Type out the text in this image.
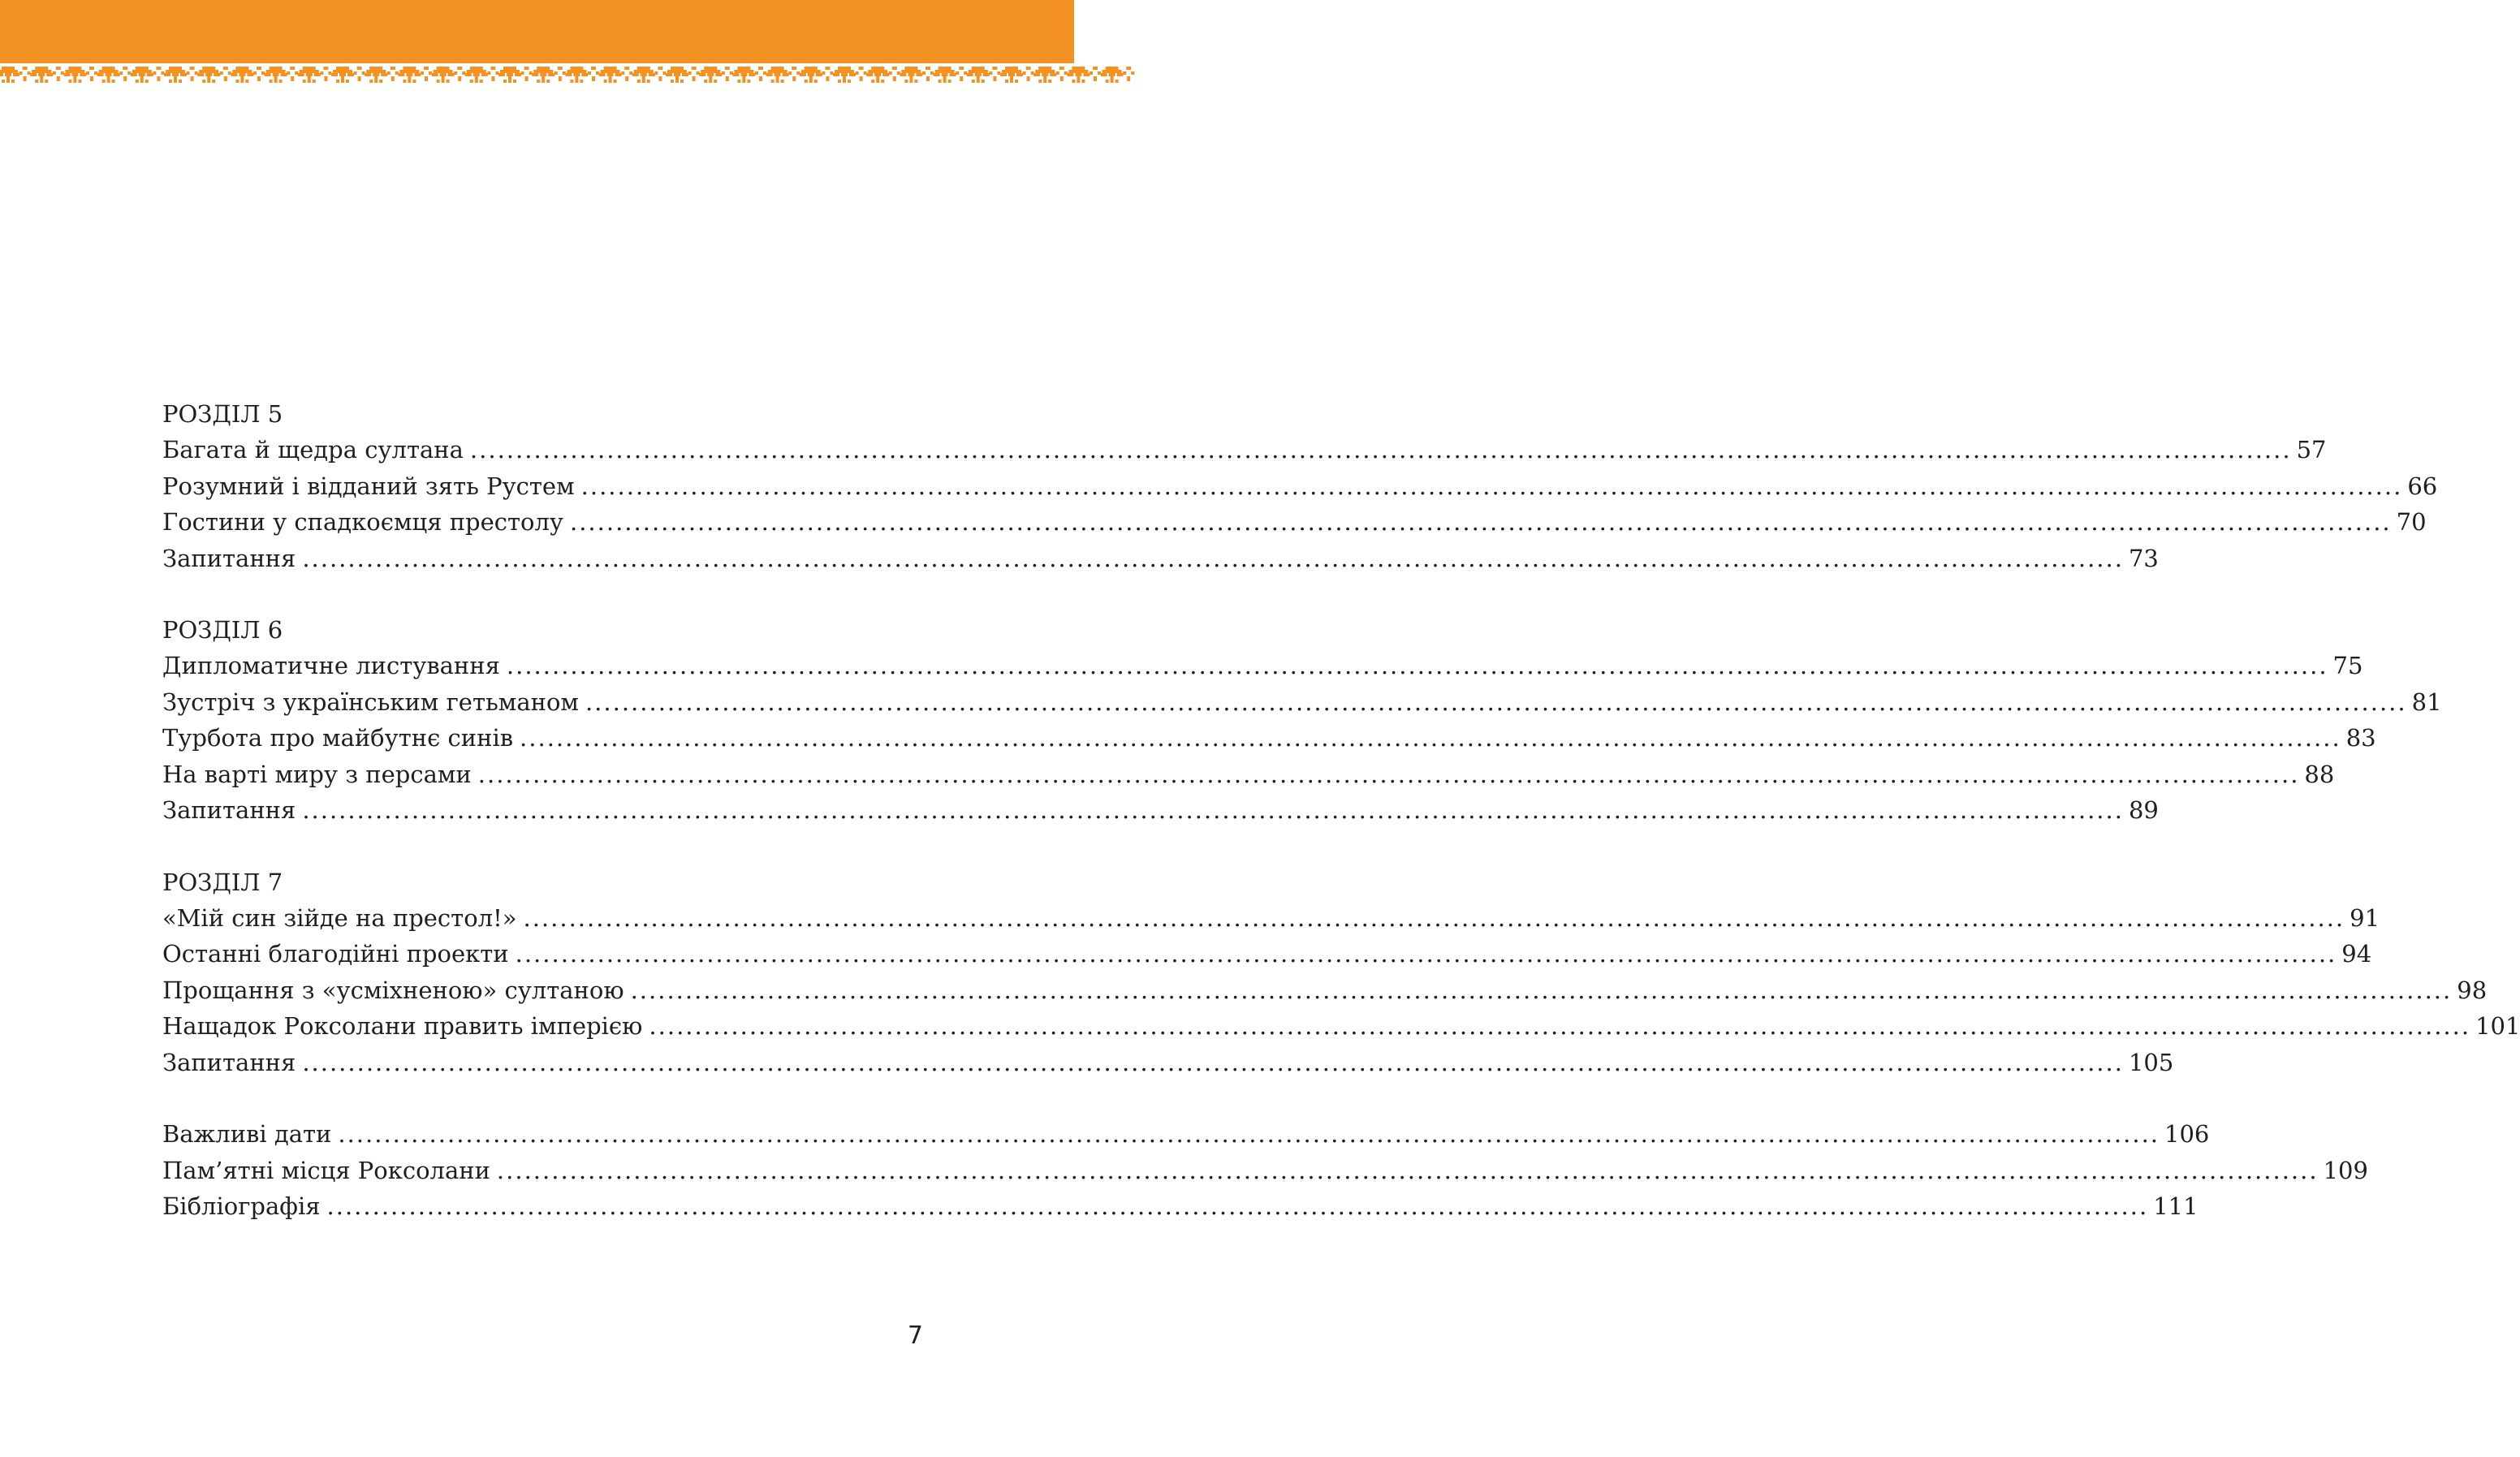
РОЗДІЛ 5
Багата й щедра султана ........................................................................................................................................................................................................ 57
Розумний і відданий зять Рустем ........................................................................................................................................................................................................ 66
Гостини у спадкоємця престолу ........................................................................................................................................................................................................ 70
Запитання ........................................................................................................................................................................................................ 73
РОЗДІЛ 6
Дипломатичне листування ........................................................................................................................................................................................................ 75
Зустріч з українським гетьманом ........................................................................................................................................................................................................ 81
Турбота про майбутнє синів ........................................................................................................................................................................................................ 83
На варті миру з персами ........................................................................................................................................................................................................ 88
Запитання ........................................................................................................................................................................................................ 89
РОЗДІЛ 7
«Мій син зійде на престол!» ........................................................................................................................................................................................................ 91
Останні благодійні проекти ........................................................................................................................................................................................................ 94
Прощання з «усміхненою» султаною ........................................................................................................................................................................................................ 98
Нащадок Роксолани править імперією ........................................................................................................................................................................................................ 101
Запитання ........................................................................................................................................................................................................ 105
Важливі дати ........................................................................................................................................................................................................ 106
Пам’ятні місця Роксолани ........................................................................................................................................................................................................ 109
Бібліографія ........................................................................................................................................................................................................ 111
7
